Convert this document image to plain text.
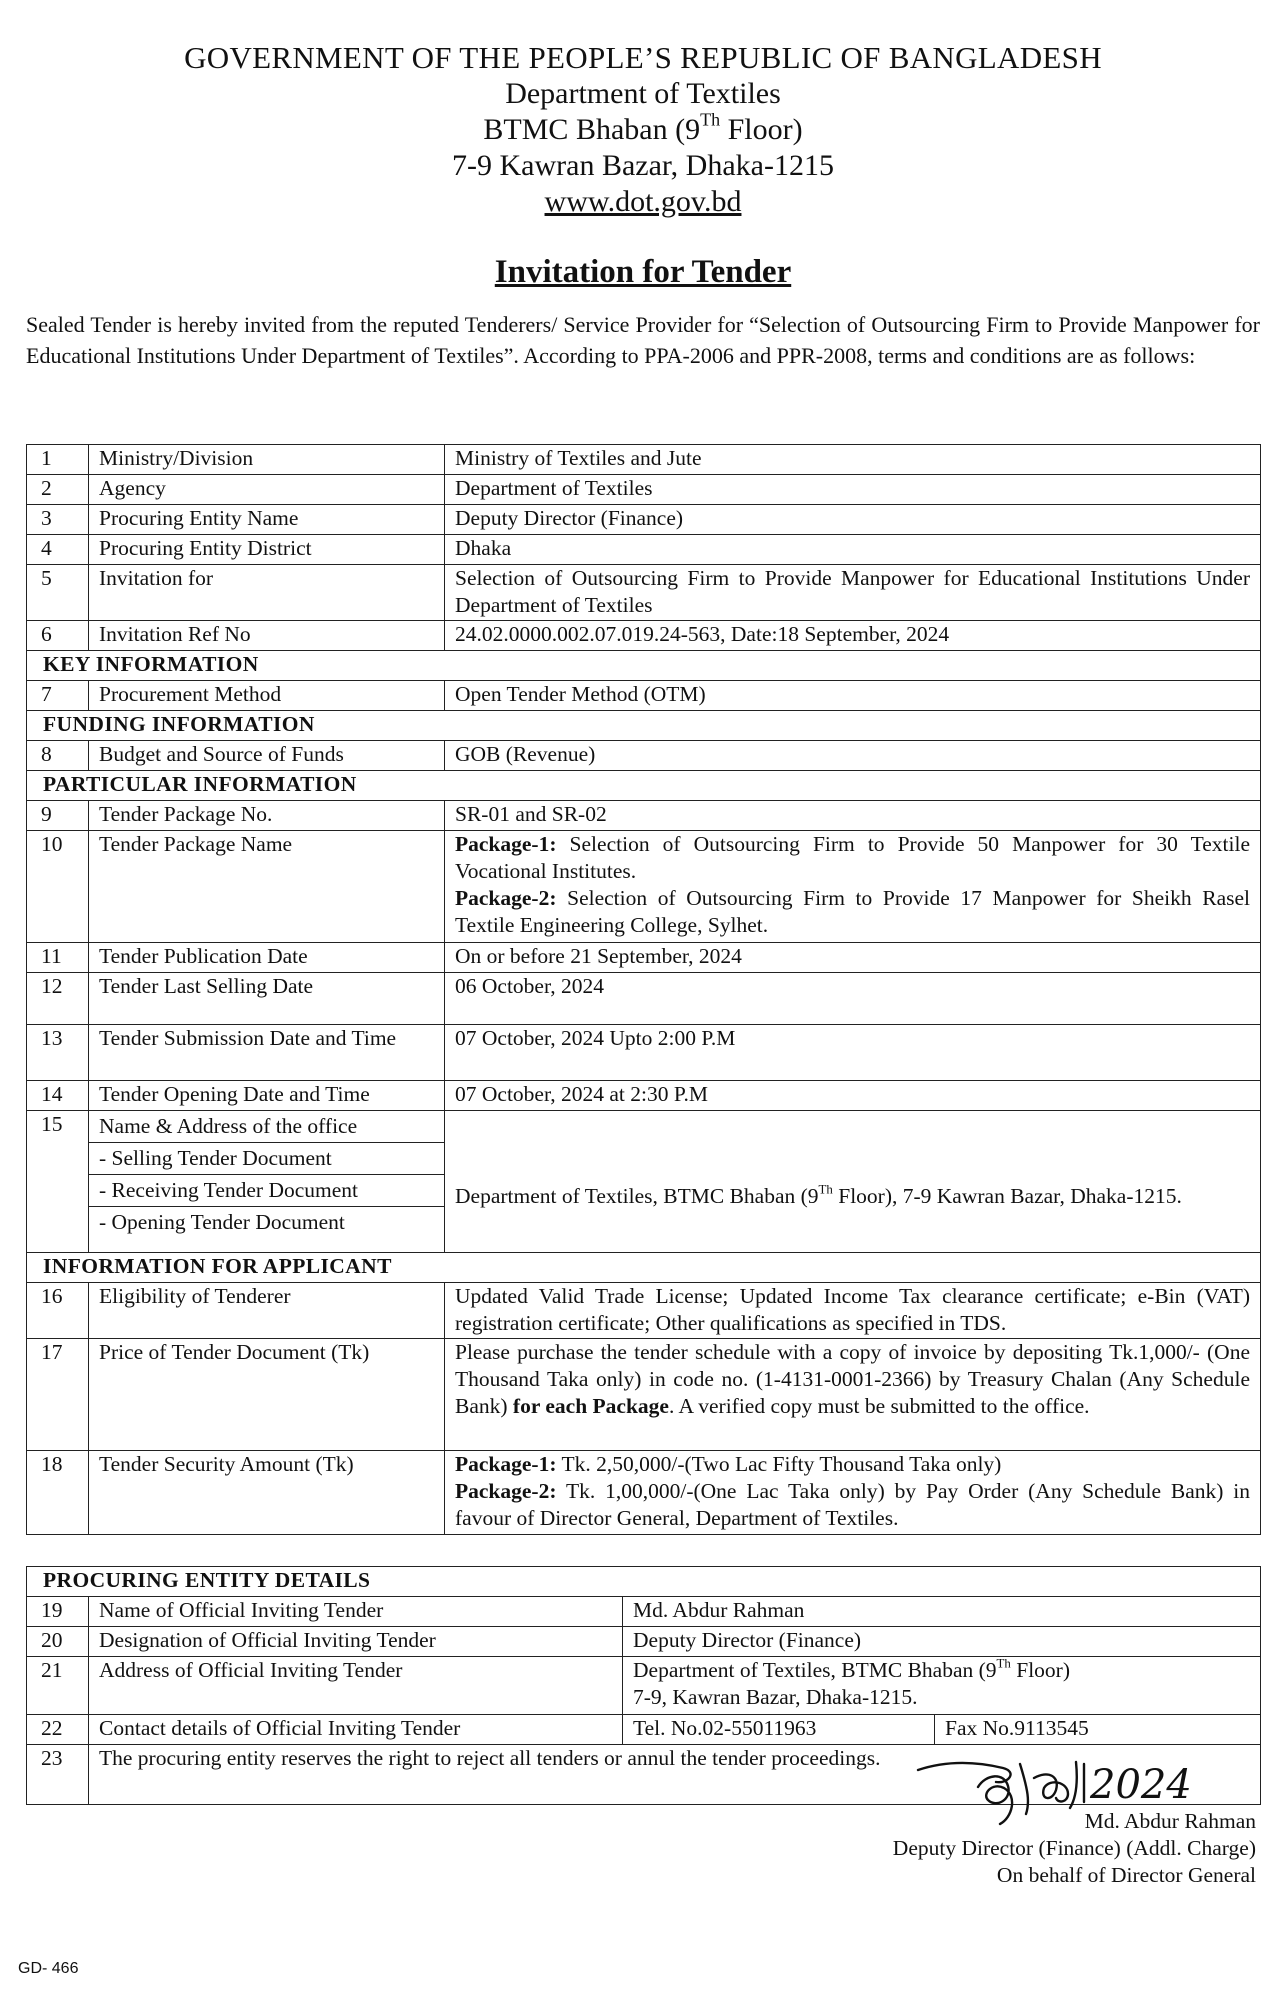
GOVERNMENT OF THE PEOPLE’S REPUBLIC OF BANGLADESH
Department of Textiles
BTMC Bhaban (9Th Floor)
7-9 Kawran Bazar, Dhaka-1215
www.dot.gov.bd
Invitation for Tender
Sealed Tender is hereby invited from the reputed Tenderers/ Service Provider for “Selection of Outsourcing Firm to Provide Manpower for Educational Institutions Under Department of Textiles”. According to PPA-2006 and PPR-2008, terms and conditions are as follows:
1	Ministry/Division	Ministry of Textiles and Jute
2	Agency	Department of Textiles
3	Procuring Entity Name	Deputy Director (Finance)
4	Procuring Entity District	Dhaka
5	Invitation for	Selection of Outsourcing Firm to Provide Manpower for Educational Institutions Under Department of Textiles
6	Invitation Ref No	24.02.0000.002.07.019.24-563, Date:18 September, 2024
KEY INFORMATION		
7	Procurement Method	Open Tender Method (OTM)
FUNDING INFORMATION		
8	Budget and Source of Funds	GOB (Revenue)
PARTICULAR INFORMATION		
9	Tender Package No.	SR-01 and SR-02
10	Tender Package Name	Package-1: Selection of Outsourcing Firm to Provide 50 Manpower for 30 Textile Vocational Institutes.
Package-2: Selection of Outsourcing Firm to Provide 17 Manpower for Sheikh Rasel Textile Engineering College, Sylhet.

11	Tender Publication Date	On or before 21 September, 2024
12	Tender Last Selling Date	06 October, 2024
13	Tender Submission Date and Time	07 October, 2024 Upto 2:00 P.M
14	Tender Opening Date and Time	07 October, 2024 at 2:30 P.M
15	Name & Address of the office
- Selling Tender Document
- Receiving Tender Document
- Opening Tender Document	Department of Textiles, BTMC Bhaban (9Th Floor), 7-9 Kawran Bazar, Dhaka-1215.
INFORMATION FOR APPLICANT		
16	Eligibility of Tenderer	Updated Valid Trade License; Updated Income Tax clearance certificate; e-Bin (VAT) registration certificate; Other qualifications as specified in TDS.
17	Price of Tender Document (Tk)	Please purchase the tender schedule with a copy of invoice by depositing Tk.1,000/- (One Thousand Taka only) in code no. (1-4131-0001-2366) by Treasury Chalan (Any Schedule Bank) for each Package. A verified copy must be submitted to the office.
18	Tender Security Amount (Tk)	Package-1: Tk. 2,50,000/-(Two Lac Fifty Thousand Taka only)
Package-2: Tk. 1,00,000/-(One Lac Taka only) by Pay Order (Any Schedule Bank) in favour of Director General, Department of Textiles.
PROCURING ENTITY DETAILS			
19	Name of Official Inviting Tender	Md. Abdur Rahman	
20	Designation of Official Inviting Tender	Deputy Director (Finance)	
21	Address of Official Inviting Tender	Department of Textiles, BTMC Bhaban (9Th Floor)
7-9, Kawran Bazar, Dhaka-1215.	

22	Contact details of Official Inviting Tender	Tel. No.02-55011963	Fax No.9113545
23	The procuring entity reserves the right to reject all tenders or annul the tender proceedings.		
2024
Md. Abdur Rahman
Deputy Director (Finance) (Addl. Charge)
On behalf of Director General
GD- 466
